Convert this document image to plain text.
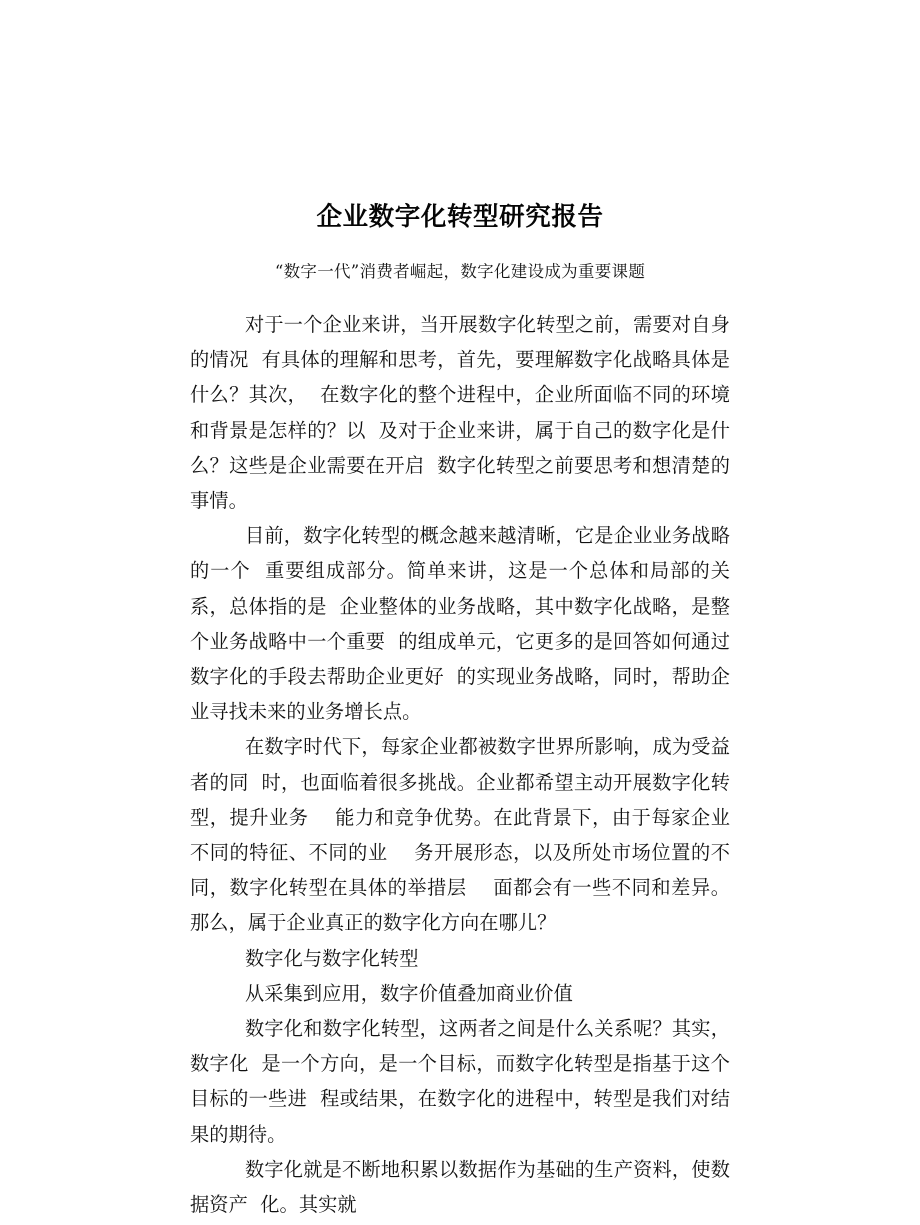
企业数字化转型研究报告

“数字一代”消费者崛起，数字化建设成为重要课题

对于一个企业来讲，当开展数字化转型之前，需要对自身的情况  有具体的理解和思考，首先，要理解数字化战略具体是什么？其次，  在数字化的整个进程中，企业所面临不同的环境和背景是怎样的？以  及对于企业来讲，属于自己的数字化是什么？这些是企业需要在开启  数字化转型之前要思考和想清楚的事情。

目前，数字化转型的概念越来越清晰，它是企业业务战略的一个  重要组成部分。简单来讲，这是一个总体和局部的关系，总体指的是  企业整体的业务战略，其中数字化战略，是整个业务战略中一个重要  的组成单元，它更多的是回答如何通过数字化的手段去帮助企业更好  的实现业务战略，同时，帮助企业寻找未来的业务增长点。

在数字时代下，每家企业都被数字世界所影响，成为受益者的同  时，也面临着很多挑战。企业都希望主动开展数字化转型，提升业务    能力和竞争优势。在此背景下，由于每家企业不同的特征、不同的业    务开展形态，以及所处市场位置的不同，数字化转型在具体的举措层    面都会有一些不同和差异。那么，属于企业真正的数字化方向在哪儿？

数字化与数字化转型

从采集到应用，数字价值叠加商业价值

数字化和数字化转型，这两者之间是什么关系呢？其实，数字化  是一个方向，是一个目标，而数字化转型是指基于这个目标的一些进  程或结果，在数字化的进程中，转型是我们对结果的期待。

数字化就是不断地积累以数据作为基础的生产资料，使数据资产  化。其实就
